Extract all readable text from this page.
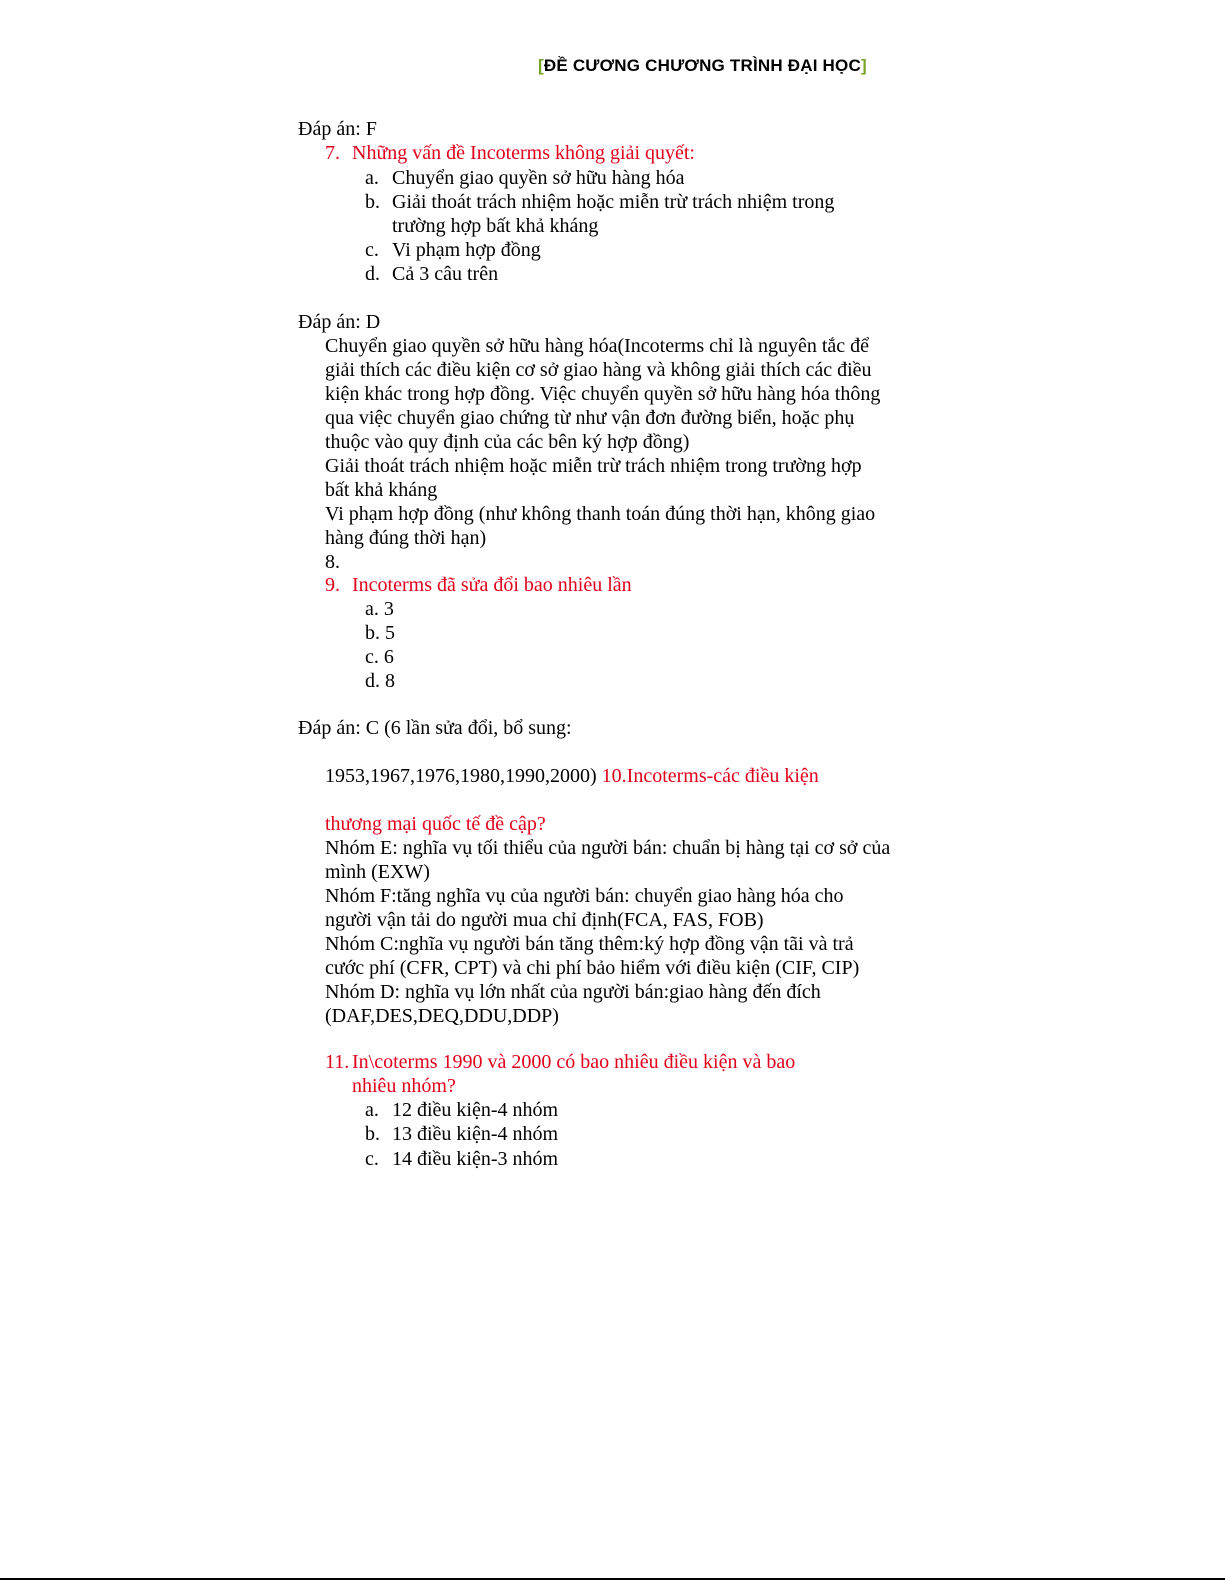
[ĐỀ CƯƠNG CHƯƠNG TRÌNH ĐẠI HỌC]
Đáp án: F
7. Những vấn đề Incoterms không giải quyết:
a. Chuyển giao quyền sở hữu hàng hóa
b. Giải thoát trách nhiệm hoặc miễn trừ trách nhiệm trong
trường hợp bất khả kháng
c. Vi phạm hợp đồng
d. Cả 3 câu trên
Đáp án: D
Chuyển giao quyền sở hữu hàng hóa(Incoterms chỉ là nguyên tắc để
giải thích các điều kiện cơ sở giao hàng và không giải thích các điều
kiện khác trong hợp đồng. Việc chuyển quyền sở hữu hàng hóa thông
qua việc chuyển giao chứng từ như vận đơn đường biển, hoặc phụ
thuộc vào quy định của các bên ký hợp đồng)
Giải thoát trách nhiệm hoặc miễn trừ trách nhiệm trong trường hợp
bất khả kháng
Vi phạm hợp đồng (như không thanh toán đúng thời hạn, không giao
hàng đúng thời hạn)
8.
9. Incoterms đã sửa đổi bao nhiêu lần
a. 3
b. 5
c. 6
d. 8
Đáp án: C (6 lần sửa đổi, bổ sung:
1953,1967,1976,1980,1990,2000) 10.Incoterms-các điều kiện
thương mại quốc tế đề cập?
Nhóm E: nghĩa vụ tối thiểu của người bán: chuẩn bị hàng tại cơ sở của
mình (EXW)
Nhóm F:tăng nghĩa vụ của người bán: chuyển giao hàng hóa cho
người vận tải do người mua chỉ định(FCA, FAS, FOB)
Nhóm C:nghĩa vụ người bán tăng thêm:ký hợp đồng vận tãi và trả
cước phí (CFR, CPT) và chi phí bảo hiểm với điều kiện (CIF, CIP)
Nhóm D: nghĩa vụ lớn nhất của người bán:giao hàng đến đích
(DAF,DES,DEQ,DDU,DDP)
11. In\coterms 1990 và 2000 có bao nhiêu điều kiện và bao
nhiêu nhóm?
a. 12 điều kiện-4 nhóm
b. 13 điều kiện-4 nhóm
c. 14 điều kiện-3 nhóm
